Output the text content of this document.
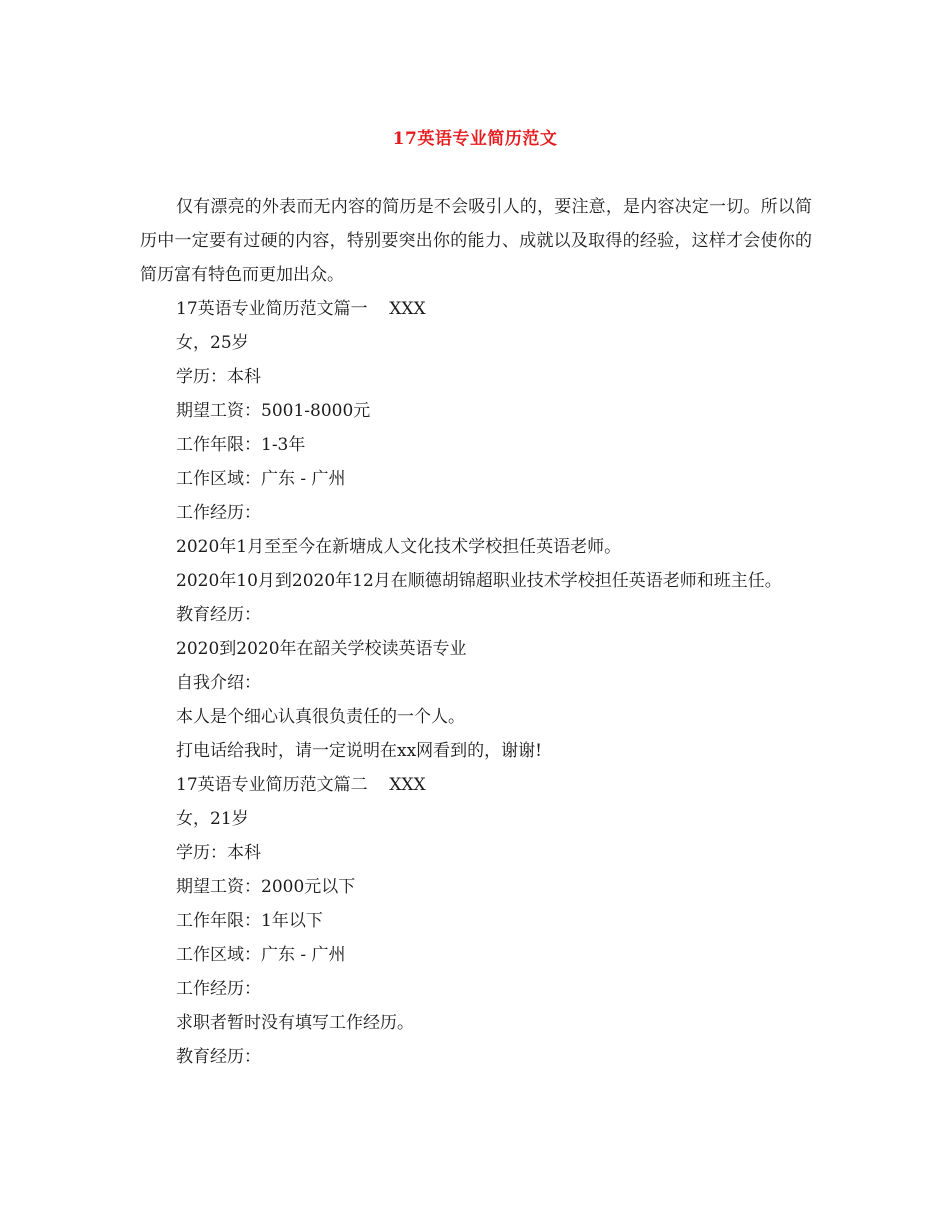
17英语专业简历范文

仅有漂亮的外表而无内容的简历是不会吸引人的，要注意，是内容决定一切。所以简历中一定要有过硬的内容，特别要突出你的能力、成就以及取得的经验，这样才会使你的简历富有特色而更加出众。

17英语专业简历范文篇一    XXX

女，25岁

学历：本科

期望工资：5001-8000元

工作年限：1-3年

工作区域：广东 - 广州

工作经历：

2020年1月至至今在新塘成人文化技术学校担任英语老师。

2020年10月到2020年12月在顺德胡锦超职业技术学校担任英语老师和班主任。

教育经历：

2020到2020年在韶关学校读英语专业

自我介绍：

本人是个细心认真很负责任的一个人。

打电话给我时，请一定说明在xx网看到的，谢谢!

17英语专业简历范文篇二    XXX

女，21岁

学历：本科

期望工资：2000元以下

工作年限：1年以下

工作区域：广东 - 广州

工作经历：

求职者暂时没有填写工作经历。

教育经历：
